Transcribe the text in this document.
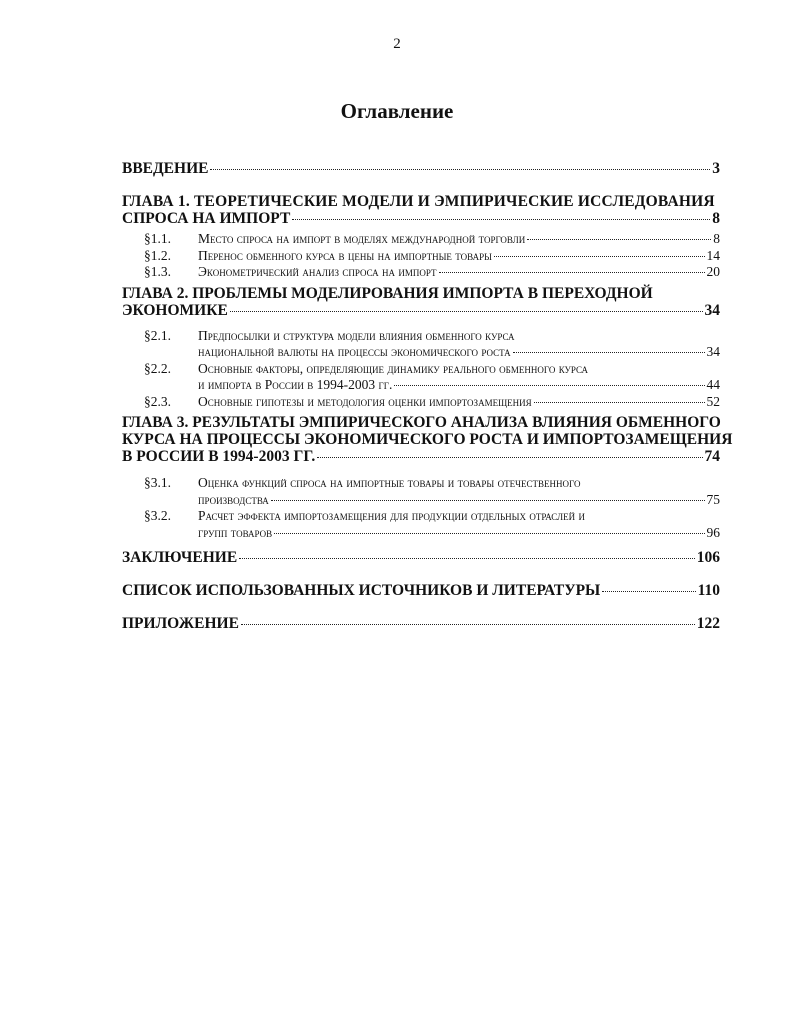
2
Оглавление
ВВЕДЕНИЕ	3
ГЛАВА 1. ТЕОРЕТИЧЕСКИЕ МОДЕЛИ И ЭМПИРИЧЕСКИЕ ИССЛЕДОВАНИЯ
СПРОСА НА ИМПОРТ	8
§1.1. Место спроса на импорт в моделях международной торговли	8
§1.2. Перенос обменного курса в цены на импортные товары	14
§1.3. Эконометрический анализ спроса на импорт	20
ГЛАВА 2. ПРОБЛЕМЫ МОДЕЛИРОВАНИЯ ИМПОРТА В ПЕРЕХОДНОЙ
ЭКОНОМИКЕ	34
§2.1. Предпосылки и структура модели влияния обменного курса
национальной валюты на процессы экономического роста	34
§2.2. Основные факторы, определяющие динамику реального обменного курса
и импорта в России в 1994-2003 гг.	44
§2.3. Основные гипотезы и методология оценки импортозамещения	52
ГЛАВА 3. РЕЗУЛЬТАТЫ ЭМПИРИЧЕСКОГО АНАЛИЗА ВЛИЯНИЯ ОБМЕННОГО
КУРСА НА ПРОЦЕССЫ ЭКОНОМИЧЕСКОГО РОСТА И ИМПОРТОЗАМЕЩЕНИЯ
В РОССИИ В 1994-2003 ГГ.	74
§3.1. Оценка функций спроса на импортные товары и товары отечественного
производства	75
§3.2. Расчет эффекта импортозамещения для продукции отдельных отраслей и
групп товаров	96
ЗАКЛЮЧЕНИЕ	106
СПИСОК ИСПОЛЬЗОВАННЫХ ИСТОЧНИКОВ И ЛИТЕРАТУРЫ	110
ПРИЛОЖЕНИЕ	122
